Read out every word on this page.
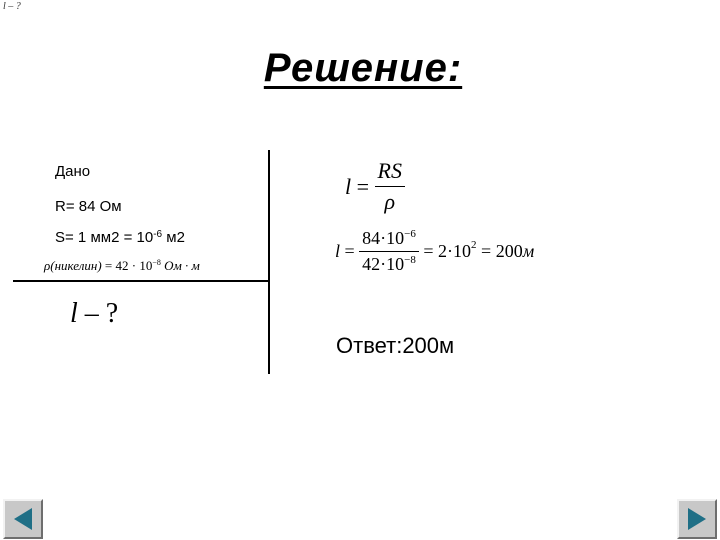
l – ?
Решение:
Дано
R= 84 Ом
S= 1 $мм2 = 10^{-6}$ м2
ρ(никелин) = $42 \cdot 10^{-8}$ Ом · м
l – ?
$l = \frac{RS}{\rho}$
$l = \frac{84\cdot 10^{-6}}{42\cdot 10^{-8}} = 2\cdot 10^2 = 200$ м
Ответ:200м
